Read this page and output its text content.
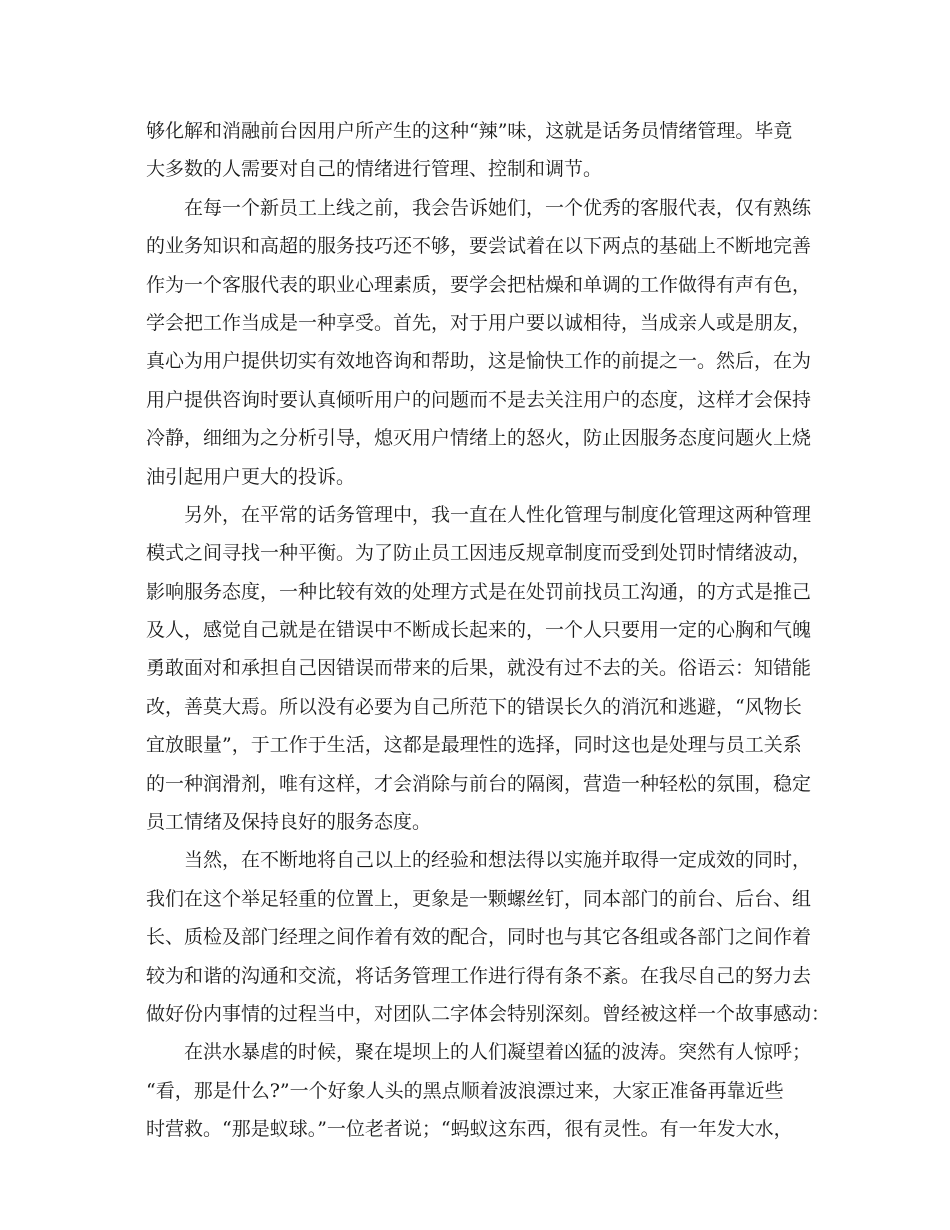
够化解和消融前台因用户所产生的这种“辣”味，这就是话务员情绪管理。毕竟
大多数的人需要对自己的情绪进行管理、控制和调节。
在每一个新员工上线之前，我会告诉她们，一个优秀的客服代表，仅有熟练
的业务知识和高超的服务技巧还不够，要尝试着在以下两点的基础上不断地完善
作为一个客服代表的职业心理素质，要学会把枯燥和单调的工作做得有声有色，
学会把工作当成是一种享受。首先，对于用户要以诚相待，当成亲人或是朋友，
真心为用户提供切实有效地咨询和帮助，这是愉快工作的前提之一。然后，在为
用户提供咨询时要认真倾听用户的问题而不是去关注用户的态度，这样才会保持
冷静，细细为之分析引导，熄灭用户情绪上的怒火，防止因服务态度问题火上烧
油引起用户更大的投诉。
另外，在平常的话务管理中，我一直在人性化管理与制度化管理这两种管理
模式之间寻找一种平衡。为了防止员工因违反规章制度而受到处罚时情绪波动，
影响服务态度，一种比较有效的处理方式是在处罚前找员工沟通，的方式是推己
及人，感觉自己就是在错误中不断成长起来的，一个人只要用一定的心胸和气魄
勇敢面对和承担自己因错误而带来的后果，就没有过不去的关。俗语云：知错能
改，善莫大焉。所以没有必要为自己所范下的错误长久的消沉和逃避，“风物长
宜放眼量”，于工作于生活，这都是最理性的选择，同时这也是处理与员工关系
的一种润滑剂，唯有这样，才会消除与前台的隔阂，营造一种轻松的氛围，稳定
员工情绪及保持良好的服务态度。
当然，在不断地将自己以上的经验和想法得以实施并取得一定成效的同时，
我们在这个举足轻重的位置上，更象是一颗螺丝钉，同本部门的前台、后台、组
长、质检及部门经理之间作着有效的配合，同时也与其它各组或各部门之间作着
较为和谐的沟通和交流，将话务管理工作进行得有条不紊。在我尽自己的努力去
做好份内事情的过程当中，对团队二字体会特别深刻。曾经被这样一个故事感动：
在洪水暴虐的时候，聚在堤坝上的人们凝望着凶猛的波涛。突然有人惊呼；
“看，那是什么?”一个好象人头的黑点顺着波浪漂过来，大家正准备再靠近些
时营救。“那是蚁球。”一位老者说；“蚂蚁这东西，很有灵性。有一年发大水，
